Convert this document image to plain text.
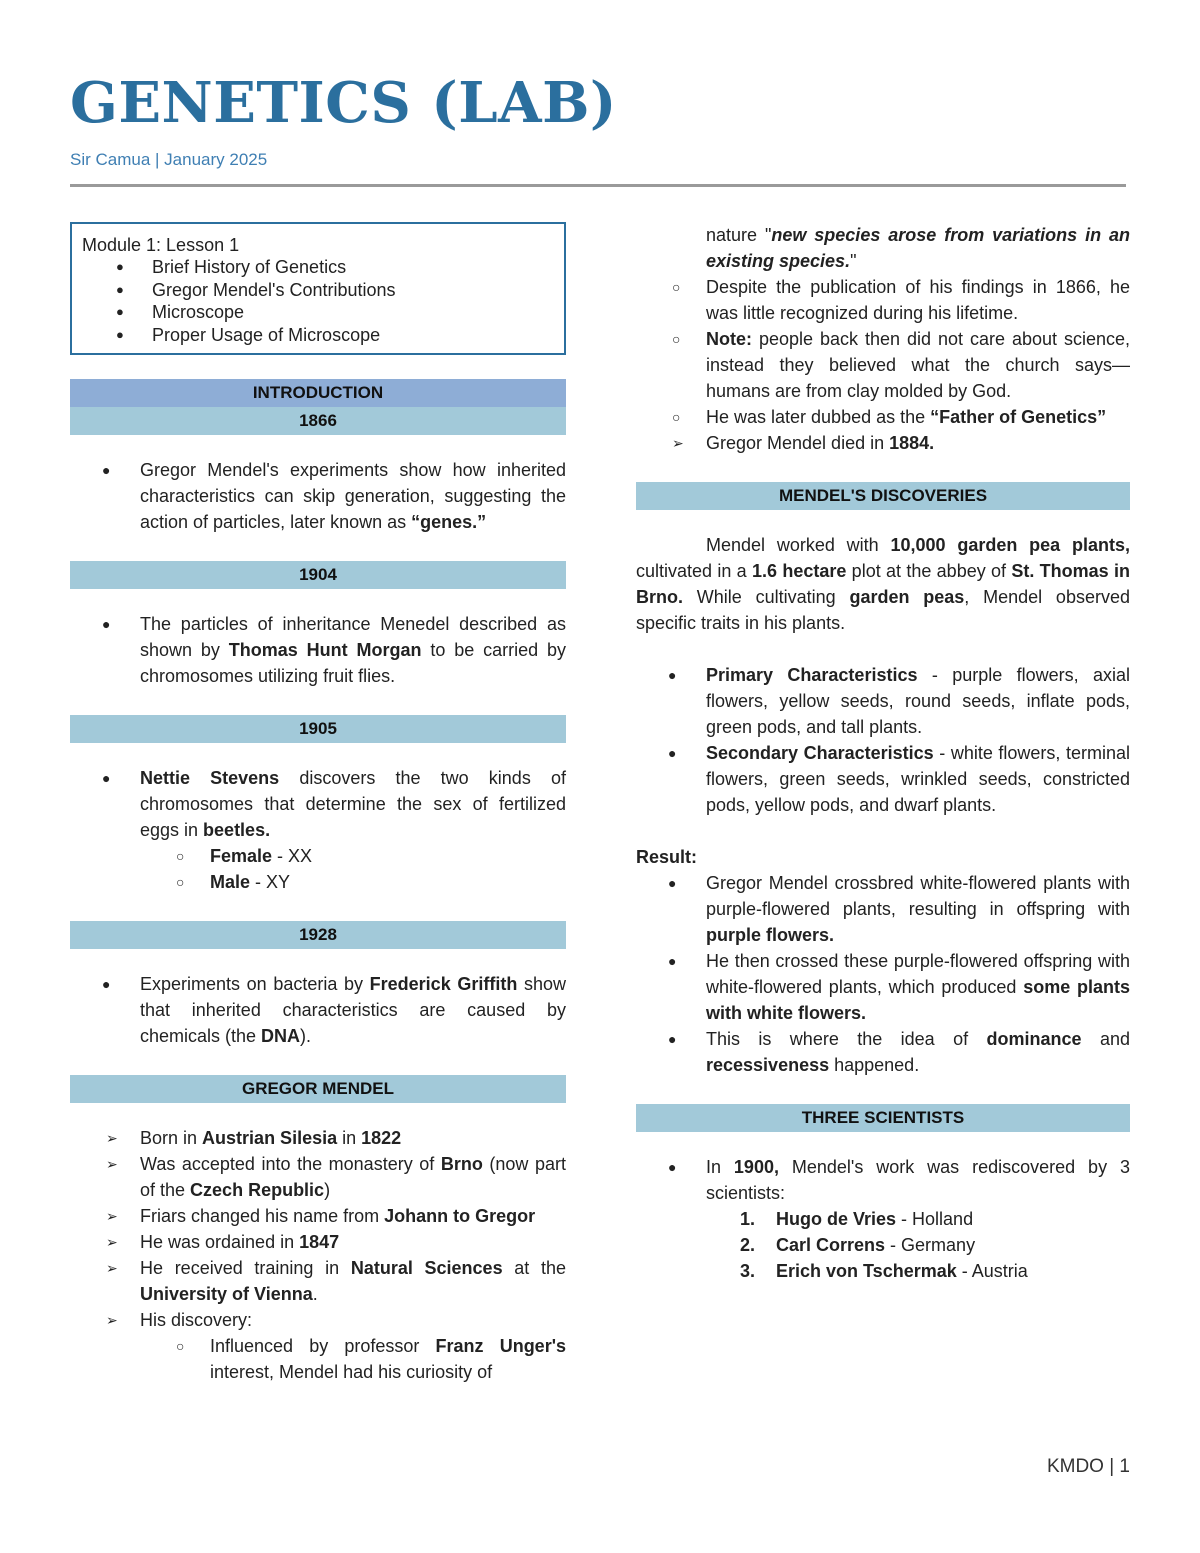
GENETICS (LAB)
Sir Camua | January 2025
Module 1: Lesson 1
● Brief History of Genetics
● Gregor Mendel's Contributions
● Microscope
● Proper Usage of Microscope
INTRODUCTION
1866
● Gregor Mendel's experiments show how inherited characteristics can skip generation, suggesting the action of particles, later known as “genes.”
1904
● The particles of inheritance Menedel described as shown by Thomas Hunt Morgan to be carried by chromosomes utilizing fruit flies.
1905
● Nettie Stevens discovers the two kinds of chromosomes that determine the sex of fertilized eggs in beetles.
○ Female - XX
○ Male - XY
1928
● Experiments on bacteria by Frederick Griffith show that inherited characteristics are caused by chemicals (the DNA).
GREGOR MENDEL
➢ Born in Austrian Silesia in 1822
➢ Was accepted into the monastery of Brno (now part of the Czech Republic)
➢ Friars changed his name from Johann to Gregor
➢ He was ordained in 1847
➢ He received training in Natural Sciences at the University of Vienna.
➢ His discovery:
○ Influenced by professor Franz Unger's interest, Mendel had his curiosity of
nature "new species arose from variations in an existing species."
○ Despite the publication of his findings in 1866, he was little recognized during his lifetime.
○ Note: people back then did not care about science, instead they believed what the church says—humans are from clay molded by God.
○ He was later dubbed as the “Father of Genetics”
➢ Gregor Mendel died in 1884.
MENDEL'S DISCOVERIES

Mendel worked with 10,000 garden pea plants, cultivated in a 1.6 hectare plot at the abbey of St. Thomas in Brno. While cultivating garden peas, Mendel observed specific traits in his plants.

● Primary Characteristics - purple flowers, axial flowers, yellow seeds, round seeds, inflate pods, green pods, and tall plants.
● Secondary Characteristics - white flowers, terminal flowers, green seeds, wrinkled seeds, constricted pods, yellow pods, and dwarf plants.
Result:
● Gregor Mendel crossbred white-flowered plants with purple-flowered plants, resulting in offspring with purple flowers.
● He then crossed these purple-flowered offspring with white-flowered plants, which produced some plants with white flowers.
● This is where the idea of dominance and recessiveness happened.
THREE SCIENTISTS
● In 1900, Mendel's work was rediscovered by 3 scientists:
1. Hugo de Vries - Holland
2. Carl Correns - Germany
3. Erich von Tschermak - Austria
KMDO | 1
